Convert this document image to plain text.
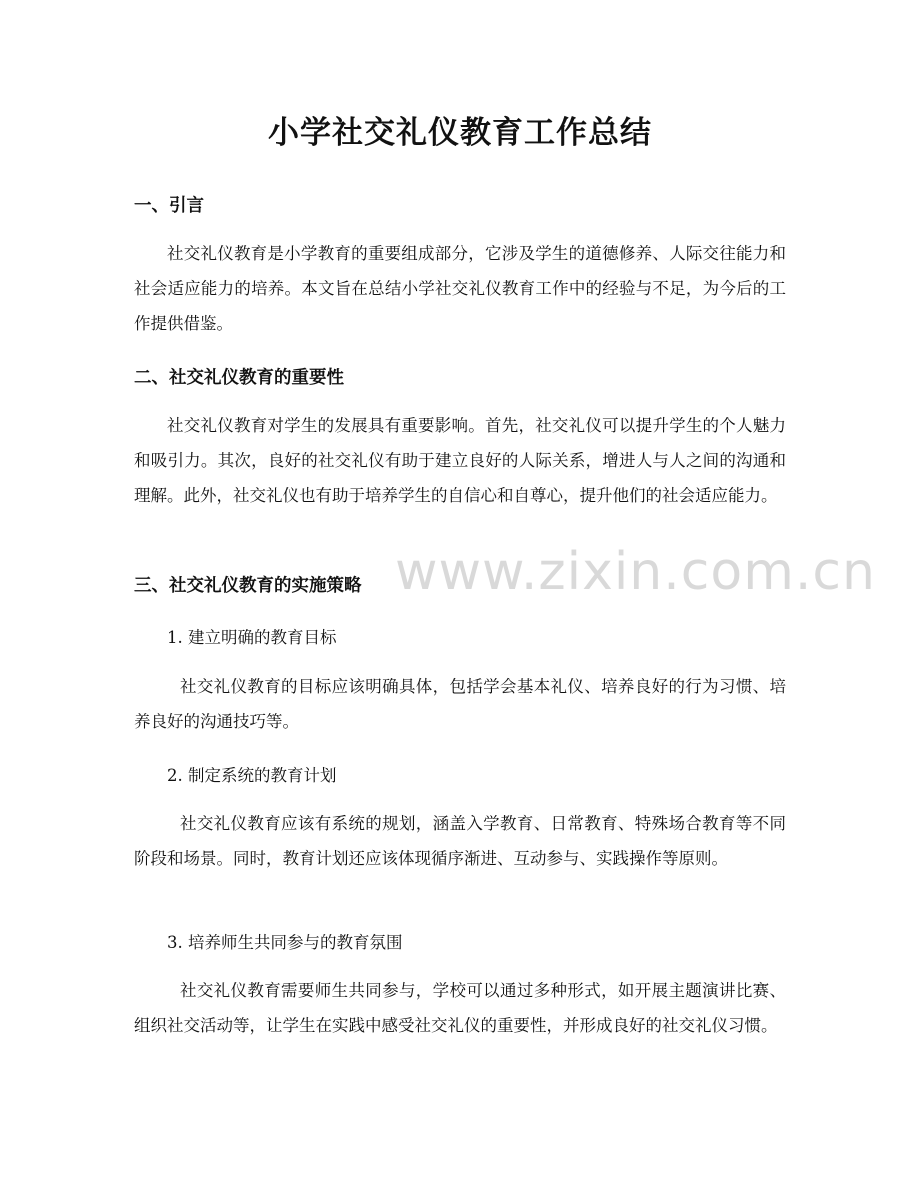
www.zixin.com.cn
小学社交礼仪教育工作总结
一、引言

社交礼仪教育是小学教育的重要组成部分，它涉及学生的道德修养、人际交往能力和社会适应能力的培养。本文旨在总结小学社交礼仪教育工作中的经验与不足，为今后的工作提供借鉴。

二、社交礼仪教育的重要性

社交礼仪教育对学生的发展具有重要影响。首先，社交礼仪可以提升学生的个人魅力和吸引力。其次，良好的社交礼仪有助于建立良好的人际关系，增进人与人之间的沟通和理解。此外，社交礼仪也有助于培养学生的自信心和自尊心，提升他们的社会适应能力。

三、社交礼仪教育的实施策略

1. 建立明确的教育目标

社交礼仪教育的目标应该明确具体，包括学会基本礼仪、培养良好的行为习惯、培养良好的沟通技巧等。

2. 制定系统的教育计划

社交礼仪教育应该有系统的规划，涵盖入学教育、日常教育、特殊场合教育等不同阶段和场景。同时，教育计划还应该体现循序渐进、互动参与、实践操作等原则。

3. 培养师生共同参与的教育氛围

社交礼仪教育需要师生共同参与，学校可以通过多种形式，如开展主题演讲比赛、组织社交活动等，让学生在实践中感受社交礼仪的重要性，并形成良好的社交礼仪习惯。
